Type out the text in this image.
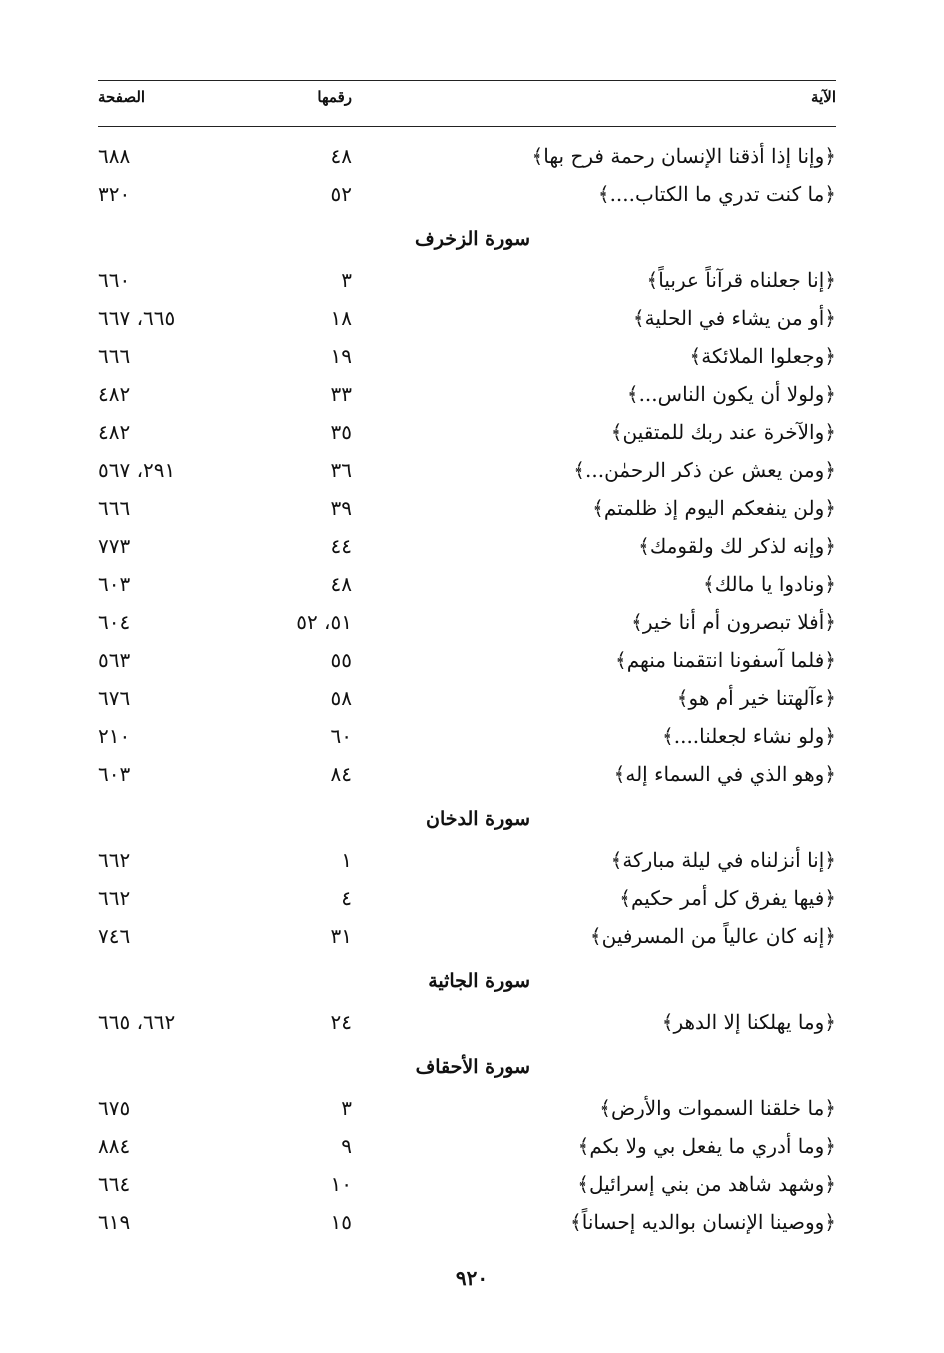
الآية
رقمها
الصفحة
﴿وإنا إذا أذقنا الإنسان رحمة فرح بها﴾
٤٨
٦٨٨
﴿ما كنت تدري ما الكتاب....﴾
٥٢
٣٢٠
سورة الزخرف
﴿إنا جعلناه قرآناً عربياً﴾
٣
٦٦٠
﴿أو من يشاء في الحلية﴾
١٨
٦٦٥، ٦٦٧
﴿وجعلوا الملائكة﴾
١٩
٦٦٦
﴿ولولا أن يكون الناس...﴾
٣٣
٤٨٢
﴿والآخرة عند ربك للمتقين﴾
٣٥
٤٨٢
﴿ومن يعش عن ذكر الرحمٰن...﴾
٣٦
٢٩١، ٥٦٧
﴿ولن ينفعكم اليوم إذ ظلمتم﴾
٣٩
٦٦٦
﴿وإنه لذكر لك ولقومك﴾
٤٤
٧٧٣
﴿ونادوا يا مالك﴾
٤٨
٦٠٣
﴿أفلا تبصرون أم أنا خير﴾
٥١، ٥٢
٦٠٤
﴿فلما آسفونا انتقمنا منهم﴾
٥٥
٥٦٣
﴿ءآلهتنا خير أم هو﴾
٥٨
٦٧٦
﴿ولو نشاء لجعلنا....﴾
٦٠
٢١٠
﴿وهو الذي في السماء إله﴾
٨٤
٦٠٣
سورة الدخان
﴿إنا أنزلناه في ليلة مباركة﴾
١
٦٦٢
﴿فيها يفرق كل أمر حكيم﴾
٤
٦٦٢
﴿إنه كان عالياً من المسرفين﴾
٣١
٧٤٦
سورة الجاثية
﴿وما يهلكنا إلا الدهر﴾
٢٤
٦٦٢، ٦٦٥
سورة الأحقاف
﴿ما خلقنا السموات والأرض﴾
٣
٦٧٥
﴿وما أدري ما يفعل بي ولا بكم﴾
٩
٨٨٤
﴿وشهد شاهد من بني إسرائيل﴾
١٠
٦٦٤
﴿ووصينا الإنسان بوالديه إحساناً﴾
١٥
٦١٩
٩٢٠
